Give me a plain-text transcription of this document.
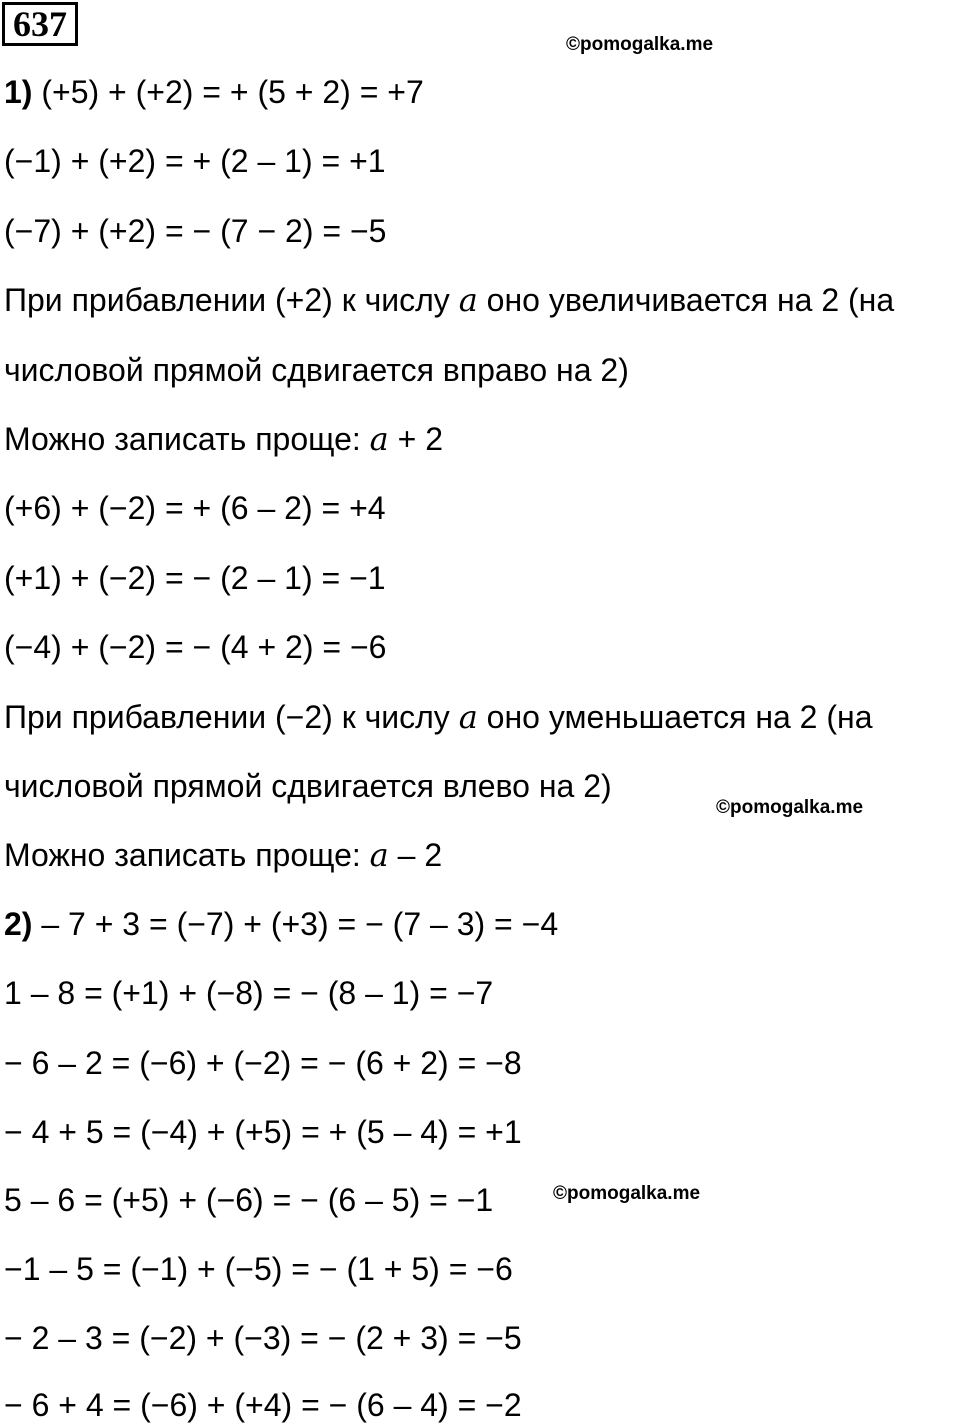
637
©pomogalka.me
©pomogalka.me
©pomogalka.me
1) (+5) + (+2) = + (5 + 2) = +7
(−1) + (+2) = + (2 – 1) = +1
(−7) + (+2) = − (7 − 2) = −5
При прибавлении (+2) к числу a оно увеличивается на 2 (на
числовой прямой сдвигается вправо на 2)
Можно записать проще: a + 2
(+6) + (−2) = + (6 – 2) = +4
(+1) + (−2) = − (2 – 1) = −1
(−4) + (−2) = − (4 + 2) = −6
При прибавлении (−2) к числу a оно уменьшается на 2 (на
числовой прямой сдвигается влево на 2)
Можно записать проще: a – 2
2) – 7 + 3 = (−7) + (+3) = − (7 – 3) = −4
1 – 8 = (+1) + (−8) = − (8 – 1) = −7
− 6 – 2 = (−6) + (−2) = − (6 + 2) = −8
− 4 + 5 = (−4) + (+5) = + (5 – 4) = +1
5 – 6 = (+5) + (−6) = − (6 – 5) = −1
−1 – 5 = (−1) + (−5) = − (1 + 5) = −6
− 2 – 3 = (−2) + (−3) = − (2 + 3) = −5
− 6 + 4 = (−6) + (+4) = − (6 – 4) = −2
